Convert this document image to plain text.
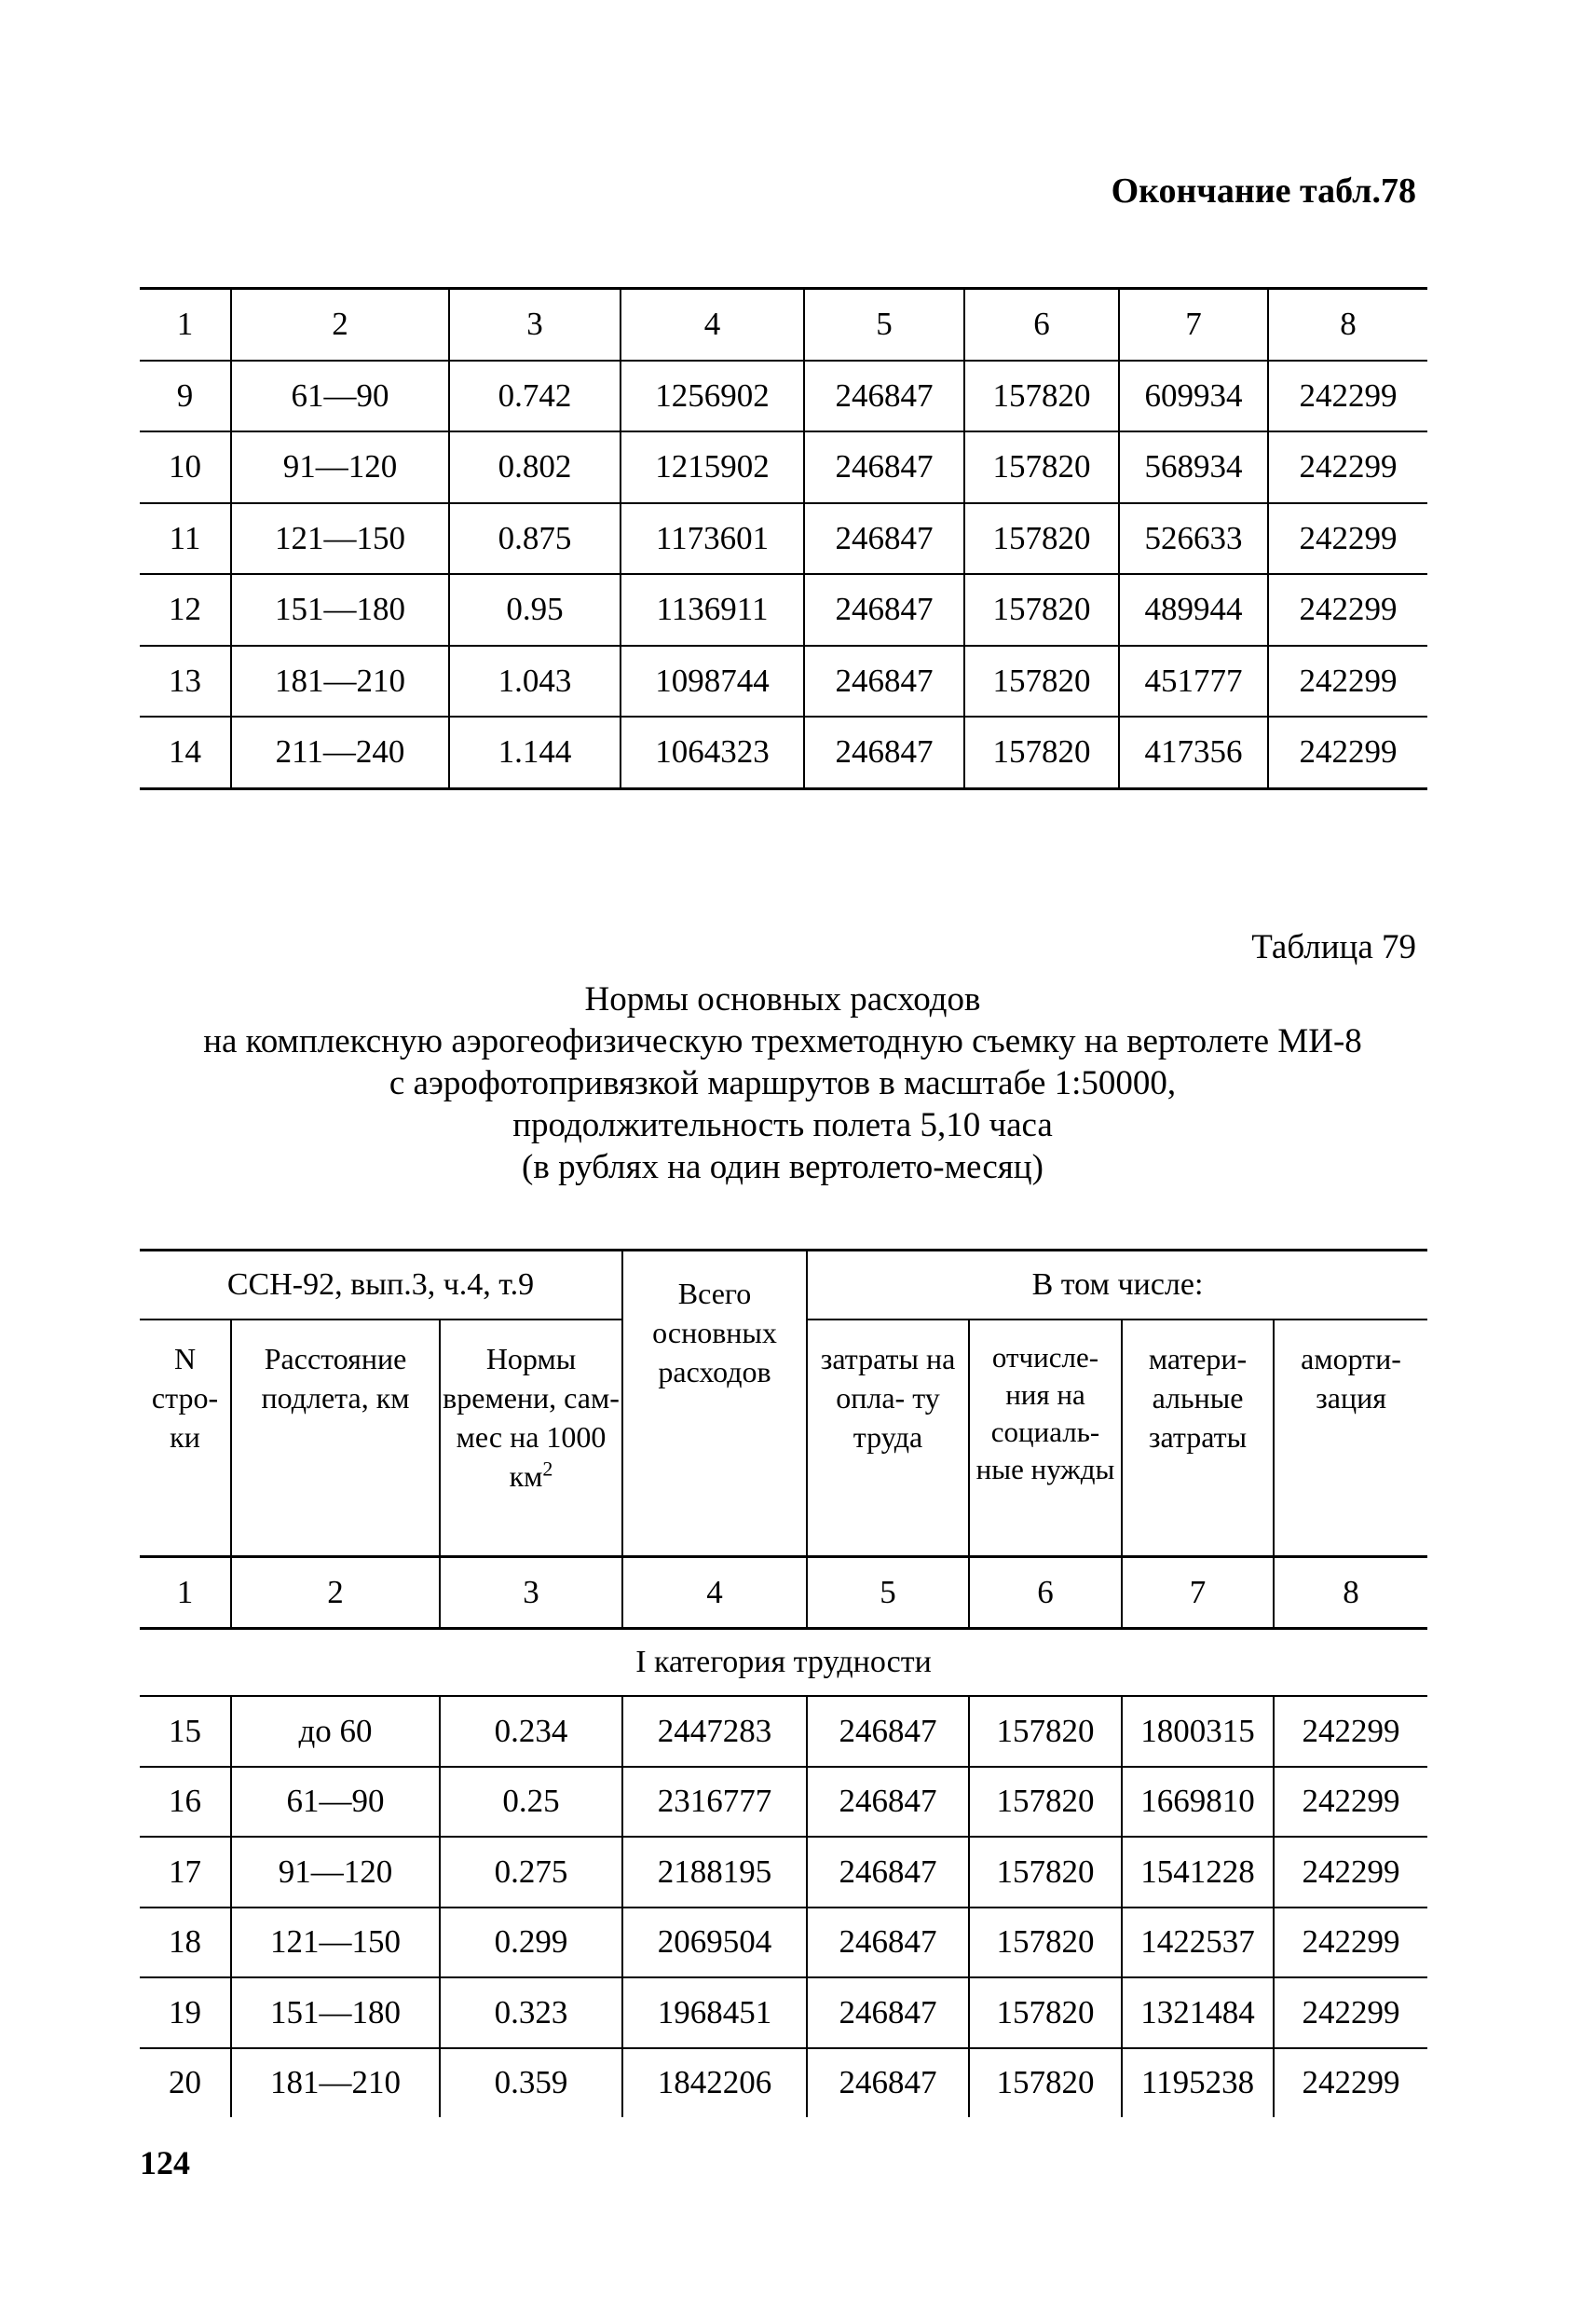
Окончание табл.78
1	2	3	4	5	6	7	8
9	61—90	0.742	1256902	246847	157820	609934	242299
10	91—120	0.802	1215902	246847	157820	568934	242299
11	121—150	0.875	1173601	246847	157820	526633	242299
12	151—180	0.95	1136911	246847	157820	489944	242299
13	181—210	1.043	1098744	246847	157820	451777	242299
14	211—240	1.144	1064323	246847	157820	417356	242299
Таблица 79
Нормы основных расходов
на комплексную аэрогеофизическую трехметодную съемку на вертолете МИ-8
с аэрофотопривязкой маршрутов в масштабе 1:50000,
продолжительность полета 5,10 часа
(в рублях на один вертолето-месяц)
ССН-92, вып.3, ч.4, т.9			Всего основных расходов	В том числе:			
N стро- ки	Расстояние подлета, км	Нормы времени, сам-мес на 1000 $км^2$		затраты на опла- ту труда	отчисле- ния на социаль- ные нужды	матери- альные затраты	аморти- зация
1	2	3	4	5	6	7	8
I категория трудности							
15	до 60	0.234	2447283	246847	157820	1800315	242299
16	61—90	0.25	2316777	246847	157820	1669810	242299
17	91—120	0.275	2188195	246847	157820	1541228	242299
18	121—150	0.299	2069504	246847	157820	1422537	242299
19	151—180	0.323	1968451	246847	157820	1321484	242299
20	181—210	0.359	1842206	246847	157820	1195238	242299
124
